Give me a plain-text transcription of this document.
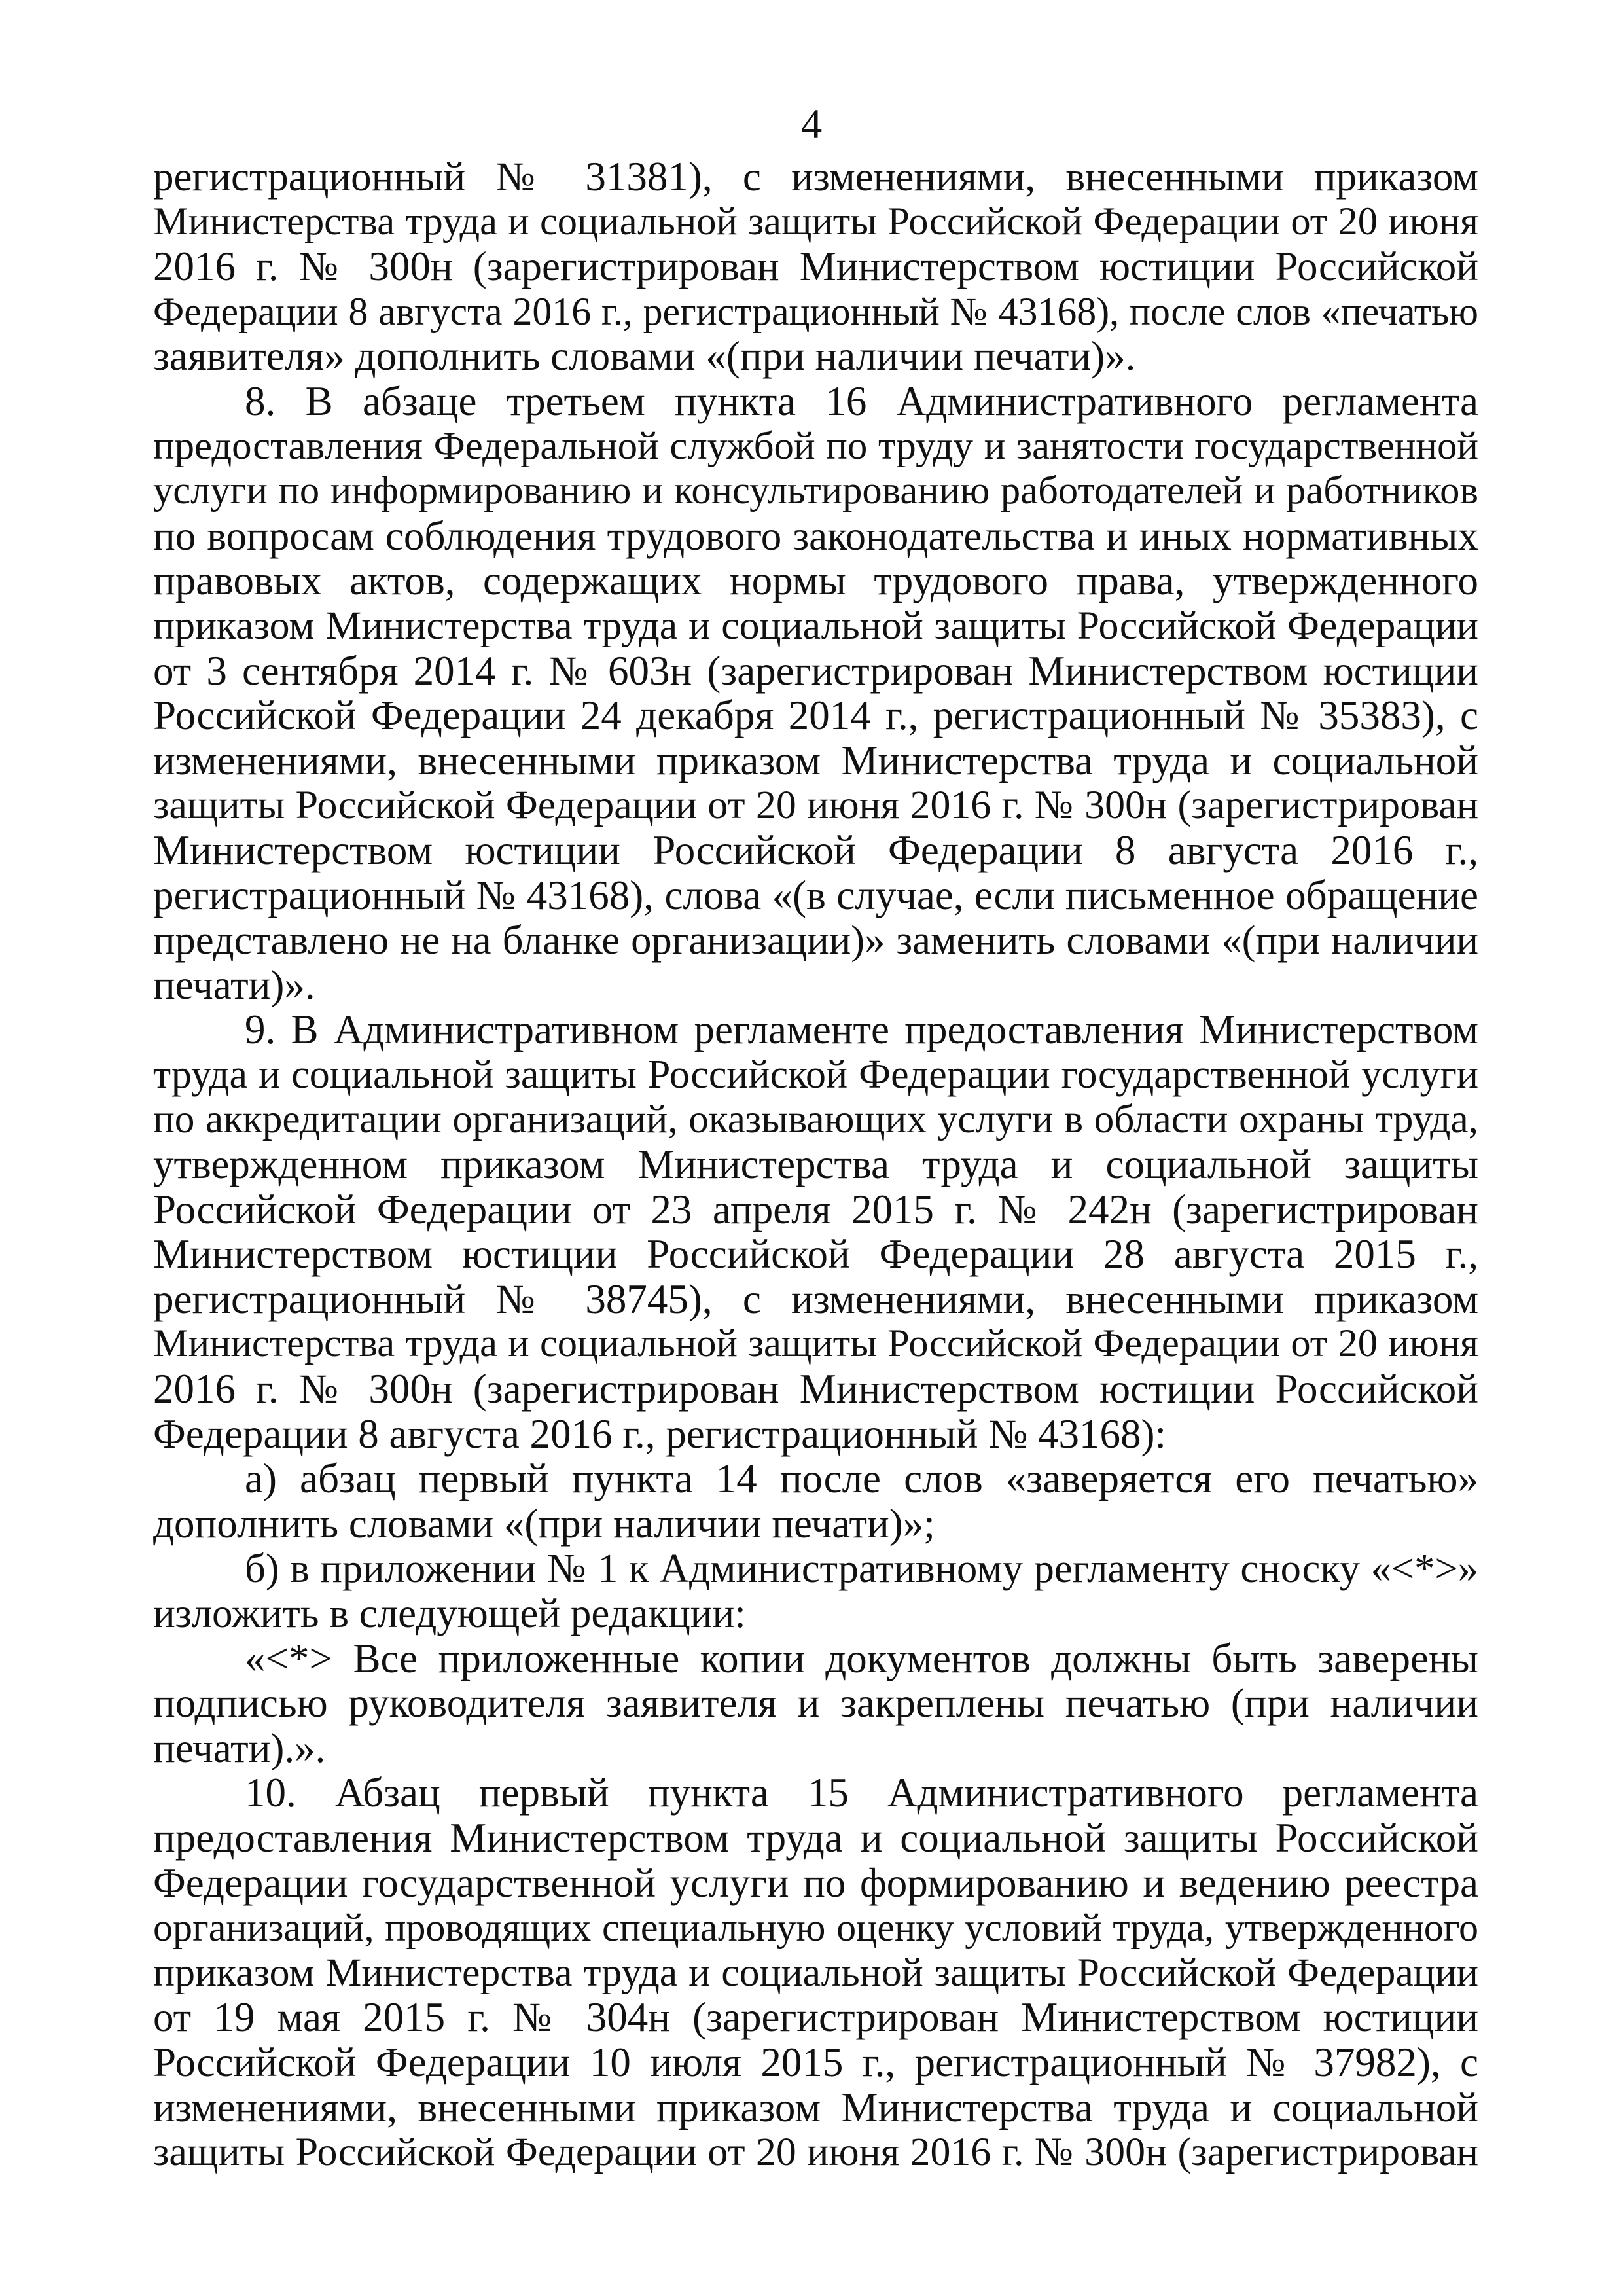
4
регистрационный № 31381), с изменениями, внесенными приказом
Министерства труда и социальной защиты Российской Федерации от 20 июня
2016 г. № 300н (зарегистрирован Министерством юстиции Российской
Федерации 8 августа 2016 г., регистрационный № 43168), после слов «печатью
заявителя» дополнить словами «(при наличии печати)».
8. В абзаце третьем пункта 16 Административного регламента
предоставления Федеральной службой по труду и занятости государственной
услуги по информированию и консультированию работодателей и работников
по вопросам соблюдения трудового законодательства и иных нормативных
правовых актов, содержащих нормы трудового права, утвержденного
приказом Министерства труда и социальной защиты Российской Федерации
от 3 сентября 2014 г. № 603н (зарегистрирован Министерством юстиции
Российской Федерации 24 декабря 2014 г., регистрационный № 35383), с
изменениями, внесенными приказом Министерства труда и социальной
защиты Российской Федерации от 20 июня 2016 г. № 300н (зарегистрирован
Министерством юстиции Российской Федерации 8 августа 2016 г.,
регистрационный № 43168), слова «(в случае, если письменное обращение
представлено не на бланке организации)» заменить словами «(при наличии
печати)».
9. В Административном регламенте предоставления Министерством
труда и социальной защиты Российской Федерации государственной услуги
по аккредитации организаций, оказывающих услуги в области охраны труда,
утвержденном приказом Министерства труда и социальной защиты
Российской Федерации от 23 апреля 2015 г. № 242н (зарегистрирован
Министерством юстиции Российской Федерации 28 августа 2015 г.,
регистрационный № 38745), с изменениями, внесенными приказом
Министерства труда и социальной защиты Российской Федерации от 20 июня
2016 г. № 300н (зарегистрирован Министерством юстиции Российской
Федерации 8 августа 2016 г., регистрационный № 43168):
а) абзац первый пункта 14 после слов «заверяется его печатью»
дополнить словами «(при наличии печати)»;
б) в приложении № 1 к Административному регламенту сноску «<*>»
изложить в следующей редакции:
«<*> Все приложенные копии документов должны быть заверены
подписью руководителя заявителя и закреплены печатью (при наличии
печати).».
10. Абзац первый пункта 15 Административного регламента
предоставления Министерством труда и социальной защиты Российской
Федерации государственной услуги по формированию и ведению реестра
организаций, проводящих специальную оценку условий труда, утвержденного
приказом Министерства труда и социальной защиты Российской Федерации
от 19 мая 2015 г. № 304н (зарегистрирован Министерством юстиции
Российской Федерации 10 июля 2015 г., регистрационный № 37982), с
изменениями, внесенными приказом Министерства труда и социальной
защиты Российской Федерации от 20 июня 2016 г. № 300н (зарегистрирован
